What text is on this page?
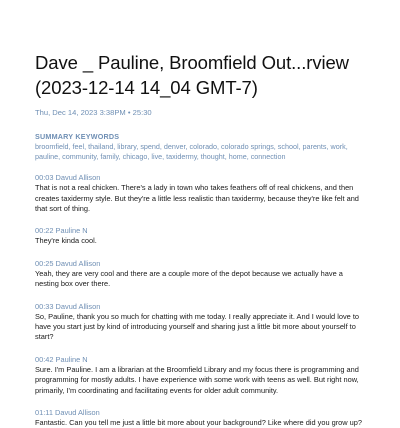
Dave _ Pauline, Broomfield Out...rview (2023-12-14 14_04 GMT-7)
Thu, Dec 14, 2023 3:38PM • 25:30
SUMMARY KEYWORDS
broomfield, feel, thailand, library, spend, denver, colorado, colorado springs, school, parents, work, pauline, community, family, chicago, live, taxidermy, thought, home, connection
00:03 Davud Allison
That is not a real chicken. There's a lady in town who takes feathers off of real chickens, and then creates taxidermy style. But they're a little less realistic than taxidermy, because they're like felt and that sort of thing.
00:22 Pauline N
They're kinda cool.
00:25 Davud Allison
Yeah, they are very cool and there are a couple more of the depot because we actually have a nesting box over there.
00:33 Davud Allison
So, Pauline, thank you so much for chatting with me today. I really appreciate it. And I would love to have you start just by kind of introducing yourself and sharing just a little bit more about yourself to start?
00:42 Pauline N
Sure. I'm Pauline. I am a librarian at the Broomfield Library and my focus there is programming and programming for mostly adults. I have experience with some work with teens as well. But right now, primarily, I'm coordinating and facilitating events for older adult community.
01:11 Davud Allison
Fantastic. Can you tell me just a little bit more about your background? Like where did you grow up?
